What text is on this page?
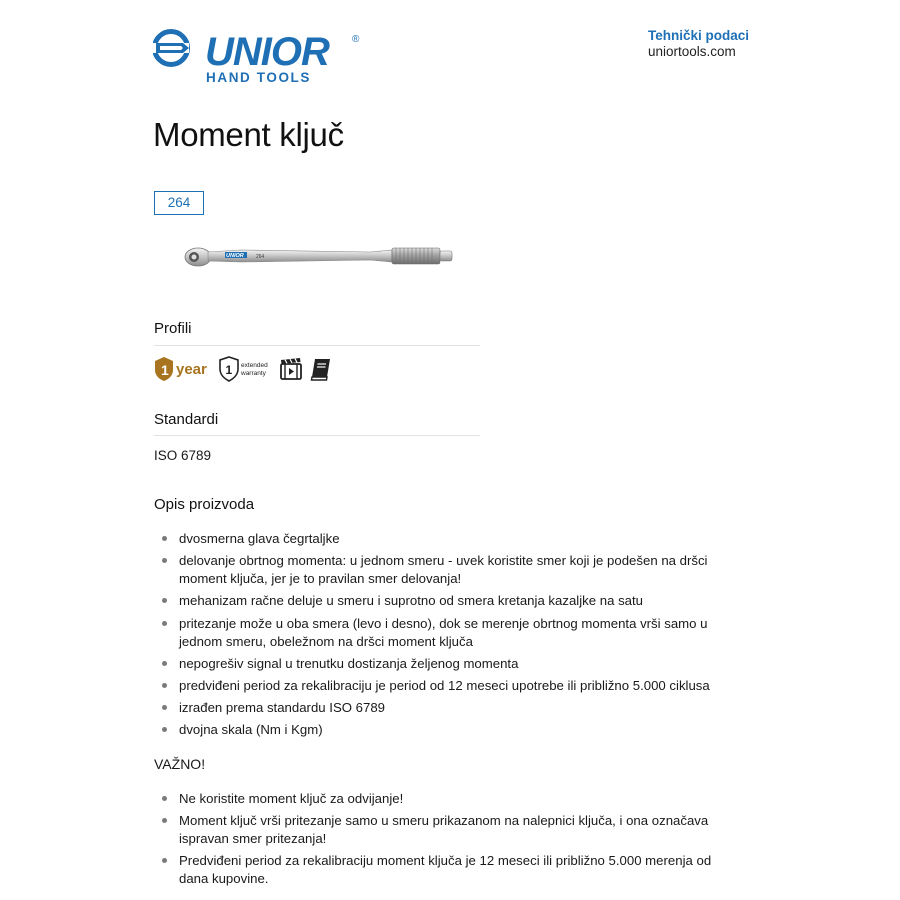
UNIOR ®
HAND TOOLS
Tehnički podaci
uniortools.com
Moment ključ
264
UNIOR 264
Profili
1 year 1 extended
warranty
Standardi
ISO 6789
Opis proizvoda
dvosmerna glava čegrtaljke
delovanje obrtnog momenta: u jednom smeru - uvek koristite smer koji je podešen na dršci moment ključa, jer je to pravilan smer delovanja!
mehanizam račne deluje u smeru i suprotno od smera kretanja kazaljke na satu
pritezanje može u oba smera (levo i desno), dok se merenje obrtnog momenta vrši samo u jednom smeru, obeležnom na dršci moment ključa
nepogrešiv signal u trenutku dostizanja željenog momenta
predviđeni period za rekalibraciju je period od 12 meseci upotrebe ili približno 5.000 ciklusa
izrađen prema standardu ISO 6789
dvojna skala (Nm i Kgm)
VAŽNO!
Ne koristite moment ključ za odvijanje!
Moment ključ vrši pritezanje samo u smeru prikazanom na nalepnici ključa, i ona označava ispravan smer pritezanja!
Predviđeni period za rekalibraciju moment ključa je 12 meseci ili približno 5.000 merenja od dana kupovine.
